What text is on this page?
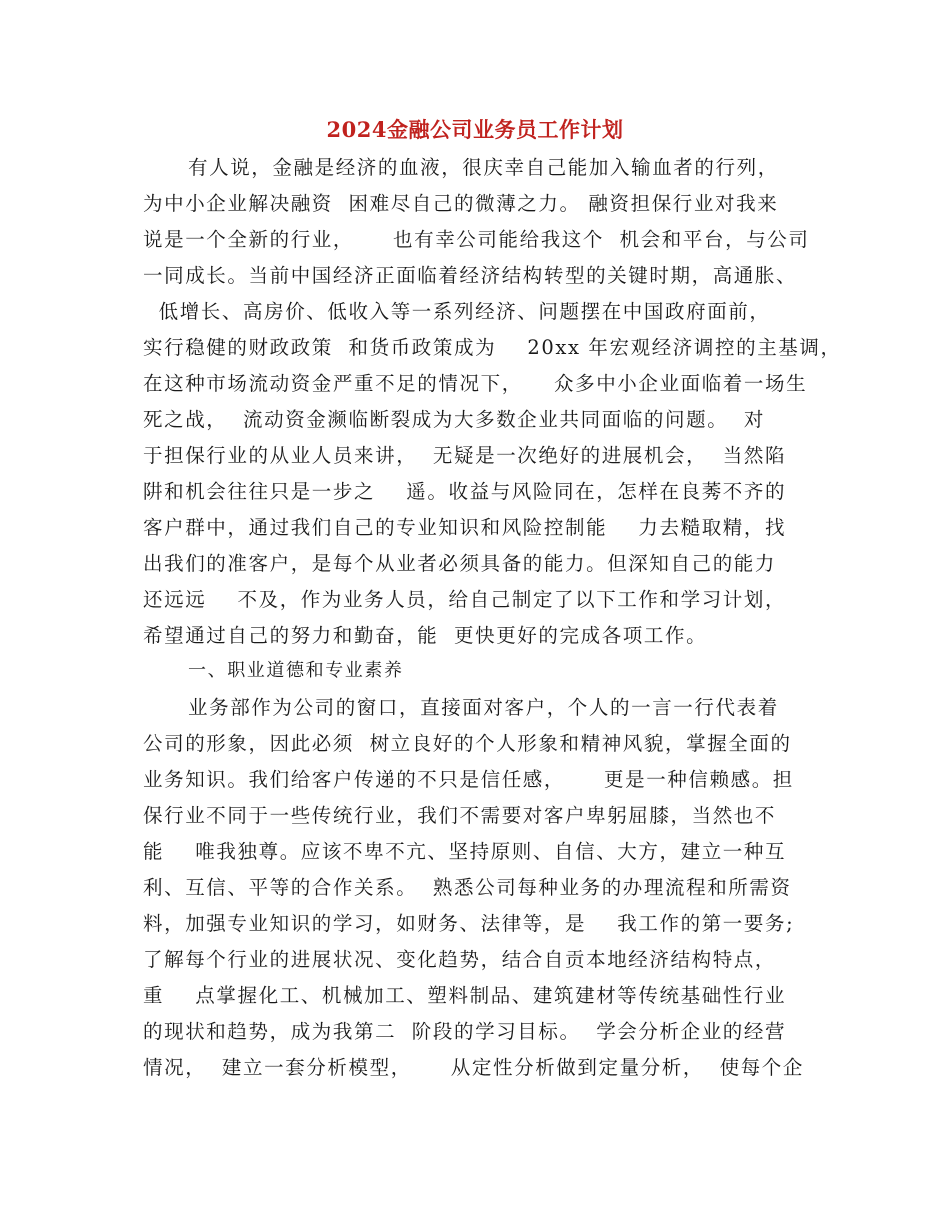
2024金融公司业务员工作计划
有人说，金融是经济的血液，很庆幸自己能加入输血者的行列，
为中小企业解决融资  困难尽自己的微薄之力。 融资担保行业对我来
说是一个全新的行业，     也有幸公司能给我这个  机会和平台，与公司
一同成长。当前中国经济正面临着经济结构转型的关键时期，高通胀、
低增长、高房价、低收入等一系列经济、问题摆在中国政府面前，
实行稳健的财政政策  和货币政策成为    20xx 年宏观经济调控的主基调，
在这种市场流动资金严重不足的情况下，    众多中小企业面临着一场生
死之战，  流动资金濒临断裂成为大多数企业共同面临的问题。  对
于担保行业的从业人员来讲，  无疑是一次绝好的进展机会，  当然陷
阱和机会往往只是一步之    遥。收益与风险同在，怎样在良莠不齐的
客户群中，通过我们自己的专业知识和风险控制能    力去糙取精，找
出我们的准客户，是每个从业者必须具备的能力。但深知自己的能力
还远远    不及，作为业务人员，给自己制定了以下工作和学习计划，
希望通过自己的努力和勤奋，能  更快更好的完成各项工作。
一、职业道德和专业素养
业务部作为公司的窗口，直接面对客户，个人的一言一行代表着
公司的形象，因此必须  树立良好的个人形象和精神风貌，掌握全面的
业务知识。我们给客户传递的不只是信任感，     更是一种信赖感。担
保行业不同于一些传统行业，我们不需要对客户卑躬屈膝，当然也不
能    唯我独尊。应该不卑不亢、坚持原则、自信、大方，建立一种互
利、互信、平等的合作关系。  熟悉公司每种业务的办理流程和所需资
料，加强专业知识的学习，如财务、法律等，是    我工作的第一要务;
了解每个行业的进展状况、变化趋势，结合自贡本地经济结构特点，
重    点掌握化工、机械加工、塑料制品、建筑建材等传统基础性行业
的现状和趋势，成为我第二  阶段的学习目标。  学会分析企业的经营
情况，  建立一套分析模型，     从定性分析做到定量分析，  使每个企
